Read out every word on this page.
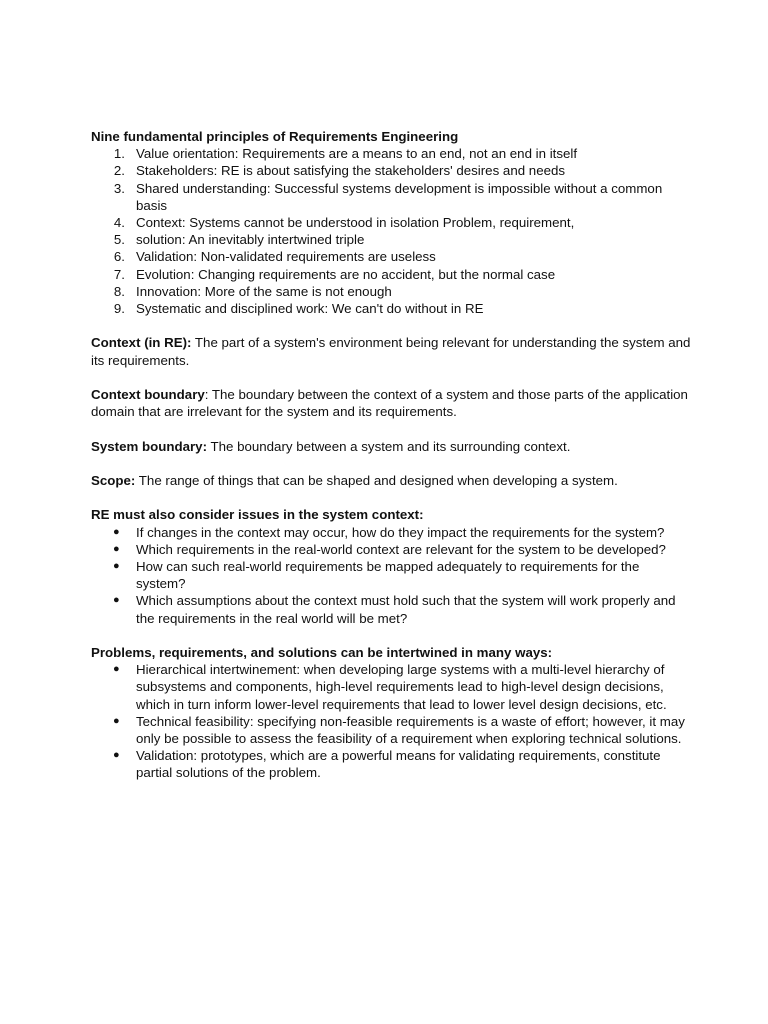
Nine fundamental principles of Requirements Engineering

1. Value orientation: Requirements are a means to an end, not an end in itself
2. Stakeholders: RE is about satisfying the stakeholders' desires and needs
3. Shared understanding: Successful systems development is impossible without a common basis
4. Context: Systems cannot be understood in isolation Problem, requirement,
5. solution: An inevitably intertwined triple
6. Validation: Non-validated requirements are useless
7. Evolution: Changing requirements are no accident, but the normal case
8. Innovation: More of the same is not enough
9. Systematic and disciplined work: We can't do without in RE

Context (in RE): The part of a system's environment being relevant for understanding the system and its requirements.

Context boundary: The boundary between the context of a system and those parts of the application domain that are irrelevant for the system and its requirements.

System boundary: The boundary between a system and its surrounding context.

Scope: The range of things that can be shaped and designed when developing a system.

RE must also consider issues in the system context:

● If changes in the context may occur, how do they impact the requirements for the system?
● Which requirements in the real-world context are relevant for the system to be developed?
● How can such real-world requirements be mapped adequately to requirements for the system?
● Which assumptions about the context must hold such that the system will work properly and the requirements in the real world will be met?

Problems, requirements, and solutions can be intertwined in many ways:

● Hierarchical intertwinement: when developing large systems with a multi-level hierarchy of subsystems and components, high-level requirements lead to high-level design decisions, which in turn inform lower-level requirements that lead to lower level design decisions, etc.
● Technical feasibility: specifying non-feasible requirements is a waste of effort; however, it may only be possible to assess the feasibility of a requirement when exploring technical solutions.
● Validation: prototypes, which are a powerful means for validating requirements, constitute partial solutions of the problem.
